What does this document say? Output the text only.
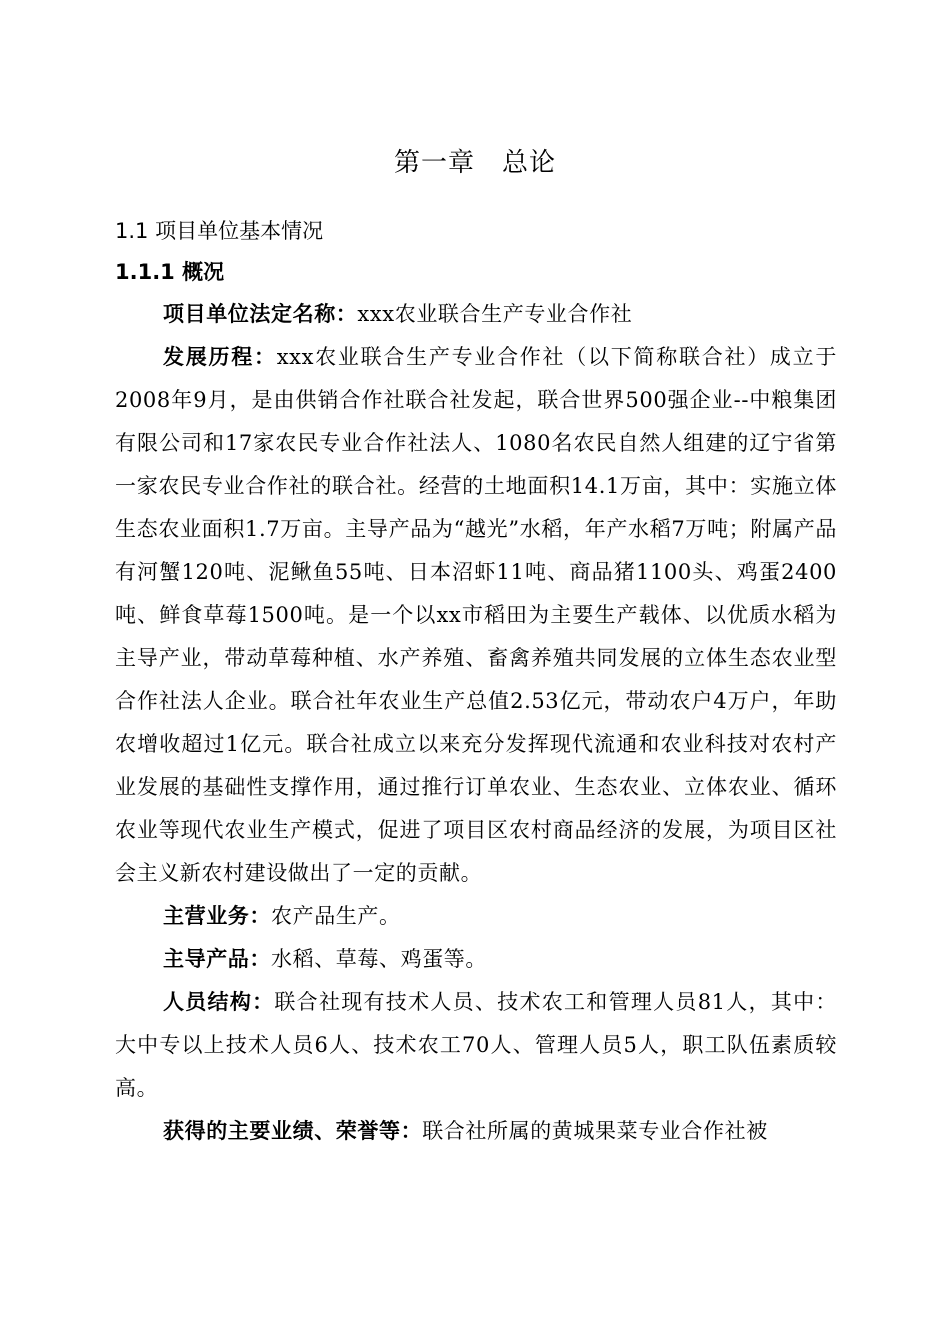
第一章　总论
1.1 项目单位基本情况
1.1.1 概况

项目单位法定名称：xxx农业联合生产专业合作社

发展历程：xxx农业联合生产专业合作社（以下简称联合社）成立于2008年9月，是由供销合作社联合社发起，联合世界500强企业--中粮集团有限公司和17家农民专业合作社法人、1080名农民自然人组建的辽宁省第一家农民专业合作社的联合社。经营的土地面积14.1万亩，其中：实施立体生态农业面积1.7万亩。主导产品为“越光”水稻，年产水稻7万吨；附属产品有河蟹120吨、泥鳅鱼55吨、日本沼虾11吨、商品猪1100头、鸡蛋2400吨、鲜食草莓1500吨。是一个以xx市稻田为主要生产载体、以优质水稻为主导产业，带动草莓种植、水产养殖、畜禽养殖共同发展的立体生态农业型合作社法人企业。联合社年农业生产总值2.53亿元，带动农户4万户，年助农增收超过1亿元。联合社成立以来充分发挥现代流通和农业科技对农村产业发展的基础性支撑作用，通过推行订单农业、生态农业、立体农业、循环农业等现代农业生产模式，促进了项目区农村商品经济的发展，为项目区社会主义新农村建设做出了一定的贡献。

主营业务：农产品生产。

主导产品：水稻、草莓、鸡蛋等。

人员结构：联合社现有技术人员、技术农工和管理人员81人，其中：大中专以上技术人员6人、技术农工70人、管理人员5人，职工队伍素质较高。

获得的主要业绩、荣誉等：联合社所属的黄城果菜专业合作社被
